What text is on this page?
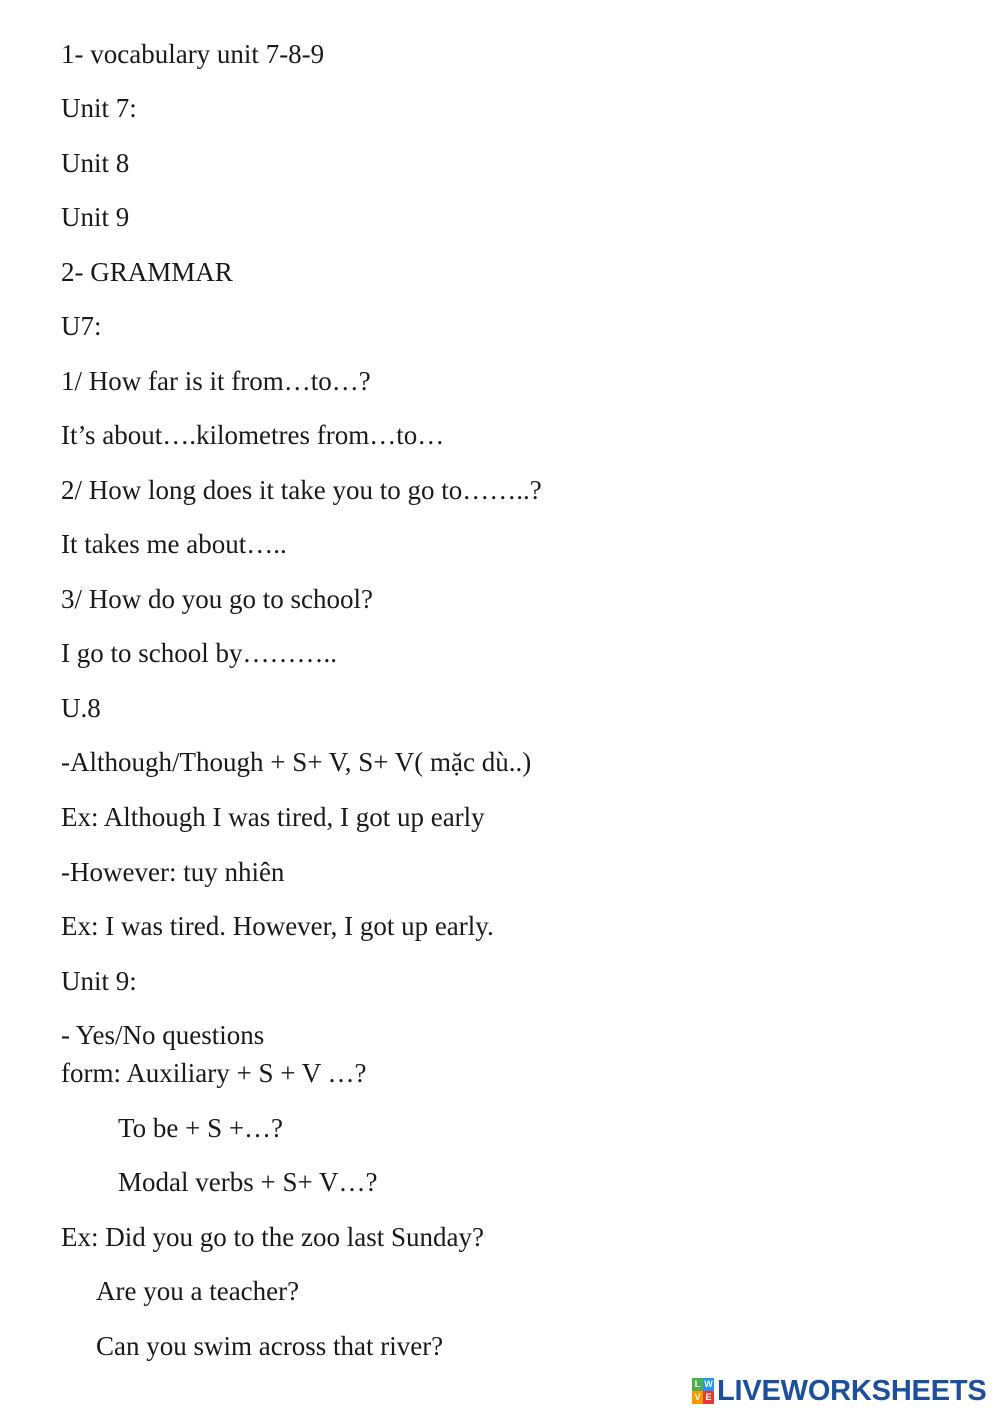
1- vocabulary unit 7-8-9
Unit 7:
Unit 8
Unit 9
2- GRAMMAR
U7:
1/ How far is it from…to…?
It’s about….kilometres from…to…
2/ How long does it take you to go to……..?
It takes me about…..
3/ How do you go to school?
I go to school by………..
U.8
-Although/Though + S+ V, S+ V( mặc dù..)
Ex: Although I was tired, I got up early
-However: tuy nhiên
Ex: I was tired. However, I got up early.
Unit 9:
- Yes/No questions
form: Auxiliary + S + V …?
To be + S +…?
Modal verbs + S+ V…?
Ex: Did you go to the zoo last Sunday?
Are you a teacher?
Can you swim across that river?
L W
V E LIVEWORKSHEETS
